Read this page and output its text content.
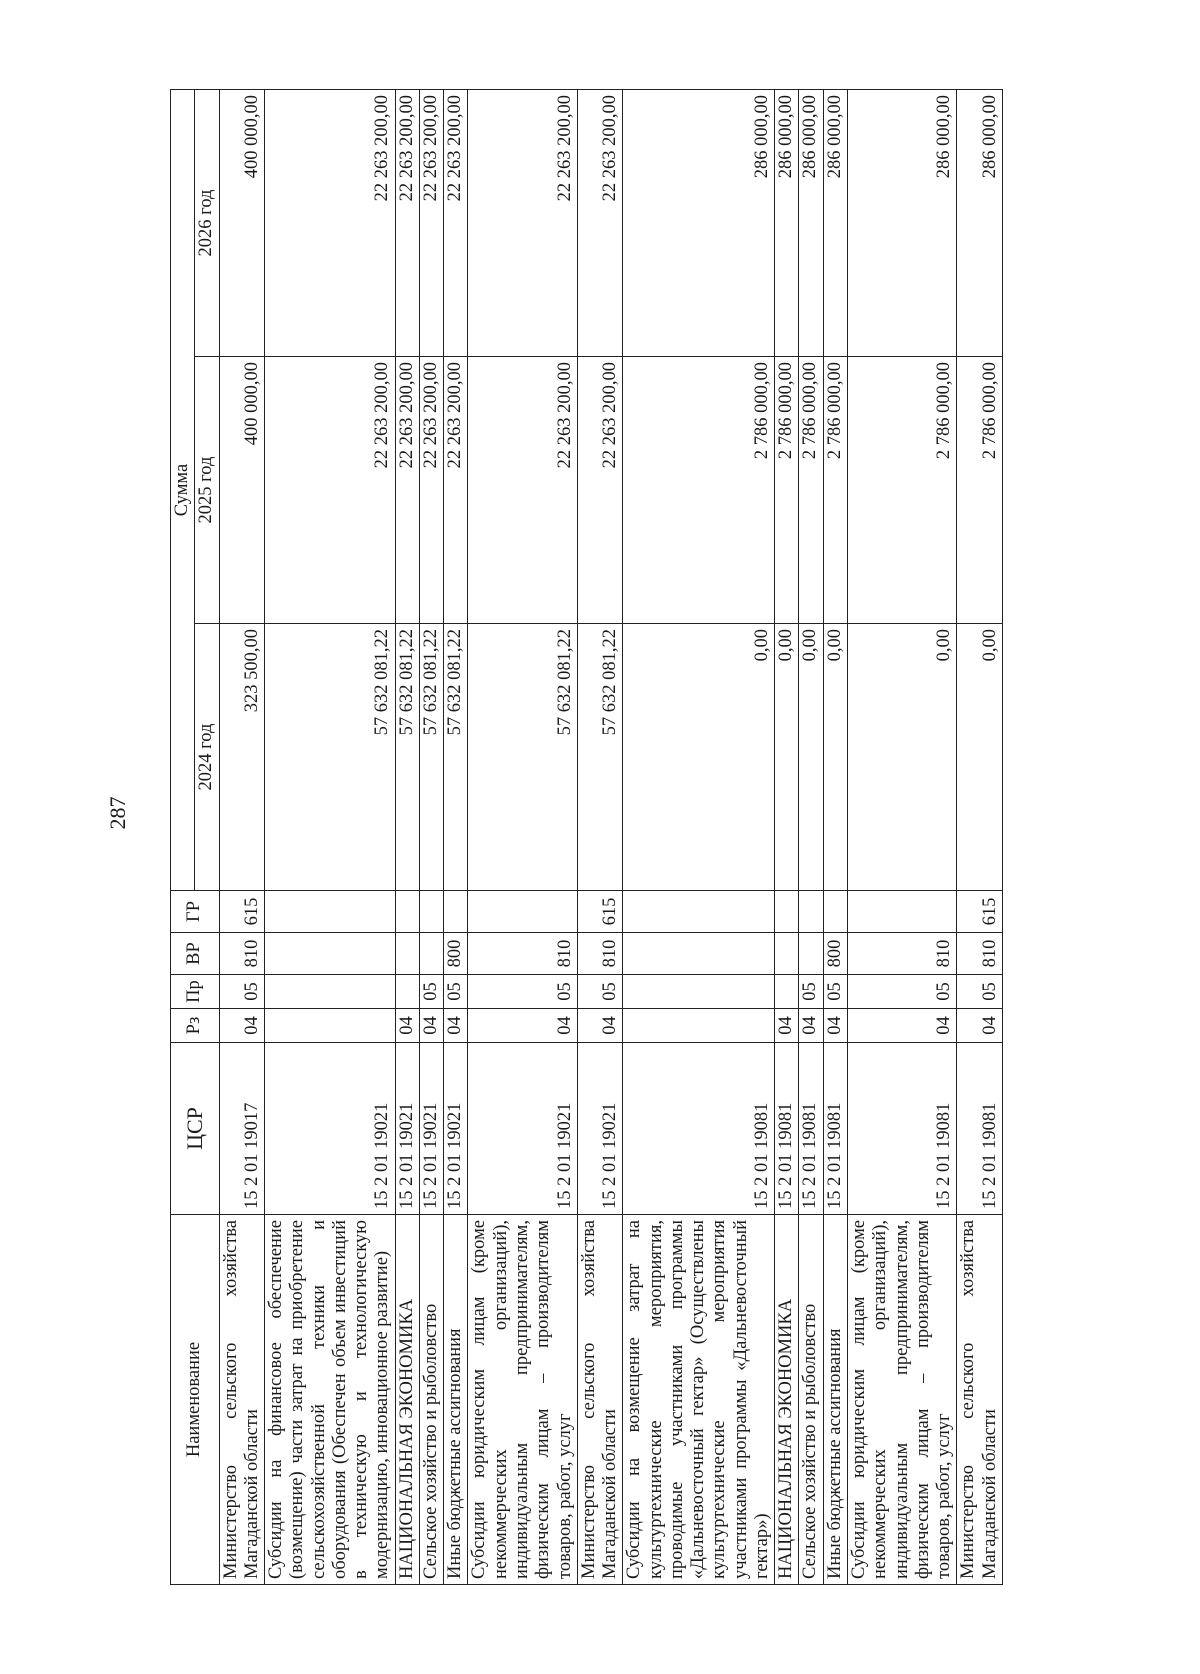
287
Наименование	ЦСР	Рз	Пр	ВР	ГР	Сумма		
						2024 год	2025 год	2026 год
Министерство сельского хозяйства Магаданской области	15 2 01 19017	04	05	810	615	323 500,00	400 000,00	400 000,00
Субсидии на финансовое обеспечение (возмещение) части затрат на приобретение сельскохозяйственной техники и оборудования (Обеспечен объем инвестиций в техническую и технологическую модернизацию, инновационное развитие)	15 2 01 19021					57 632 081,22	22 263 200,00	22 263 200,00
НАЦИОНАЛЬНАЯ ЭКОНОМИКА	15 2 01 19021	04				57 632 081,22	22 263 200,00	22 263 200,00
Сельское хозяйство и рыболовство	15 2 01 19021	04	05			57 632 081,22	22 263 200,00	22 263 200,00
Иные бюджетные ассигнования	15 2 01 19021	04	05	800		57 632 081,22	22 263 200,00	22 263 200,00
Субсидии юридическим лицам (кроме некоммерческих организаций), индивидуальным предпринимателям, физическим лицам – производителям товаров, работ, услуг	15 2 01 19021	04	05	810		57 632 081,22	22 263 200,00	22 263 200,00
Министерство сельского хозяйства Магаданской области	15 2 01 19021	04	05	810	615	57 632 081,22	22 263 200,00	22 263 200,00
Субсидии на возмещение затрат на культуртехнические мероприятия, проводимые участниками программы «Дальневосточный гектар» (Осуществлены культуртехнические мероприятия участниками программы «Дальневосточный гектар»)	15 2 01 19081					0,00	2 786 000,00	286 000,00
НАЦИОНАЛЬНАЯ ЭКОНОМИКА	15 2 01 19081	04				0,00	2 786 000,00	286 000,00
Сельское хозяйство и рыболовство	15 2 01 19081	04	05			0,00	2 786 000,00	286 000,00
Иные бюджетные ассигнования	15 2 01 19081	04	05	800		0,00	2 786 000,00	286 000,00
Субсидии юридическим лицам (кроме некоммерческих организаций), индивидуальным предпринимателям, физическим лицам – производителям товаров, работ, услуг	15 2 01 19081	04	05	810		0,00	2 786 000,00	286 000,00
Министерство сельского хозяйства Магаданской области	15 2 01 19081	04	05	810	615	0,00	2 786 000,00	286 000,00
